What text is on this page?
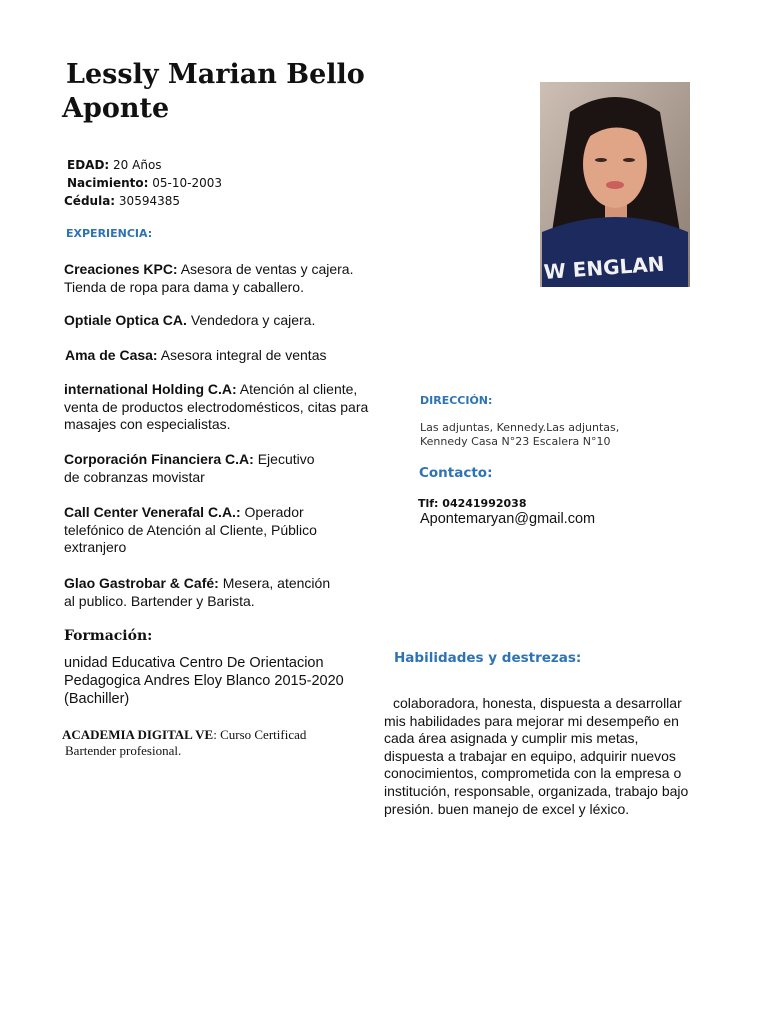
Lessly Marian Bello
Aponte
W ENGLAN
EDAD: 20 Años
Nacimiento: 05-10-2003
Cédula: 30594385
EXPERIENCIA:
Creaciones KPC: Asesora de ventas y cajera. Tienda de ropa para dama y caballero.
Optiale Optica CA. Vendedora y cajera.
Ama de Casa: Asesora integral de ventas
international Holding C.A: Atención al cliente, venta de productos electrodomésticos, citas para masajes con especialistas.
Corporación Financiera C.A: Ejecutivo de cobranzas movistar
Call Center Venerafal C.A.: Operador telefónico de Atención al Cliente, Público extranjero
Glao Gastrobar & Café: Mesera, atención al publico. Bartender y Barista.
Formación:
unidad Educativa Centro De Orientacion Pedagogica Andres Eloy Blanco 2015-2020 (Bachiller)
ACADEMIA DIGITAL VE: Curso Certificad
Bartender profesional.
DIRECCIÓN:
Las adjuntas, Kennedy.Las adjuntas, Kennedy Casa N°23 Escalera N°10
Contacto:
Tlf: 04241992038
Apontemaryan@gmail.com
Habilidades y destrezas:
colaboradora, honesta, dispuesta a desarrollar mis habilidades para mejorar mi desempeño en cada área asignada y cumplir mis metas, dispuesta a trabajar en equipo, adquirir nuevos conocimientos, comprometida con la empresa o institución, responsable, organizada, trabajo bajo presión. buen manejo de excel y léxico.
